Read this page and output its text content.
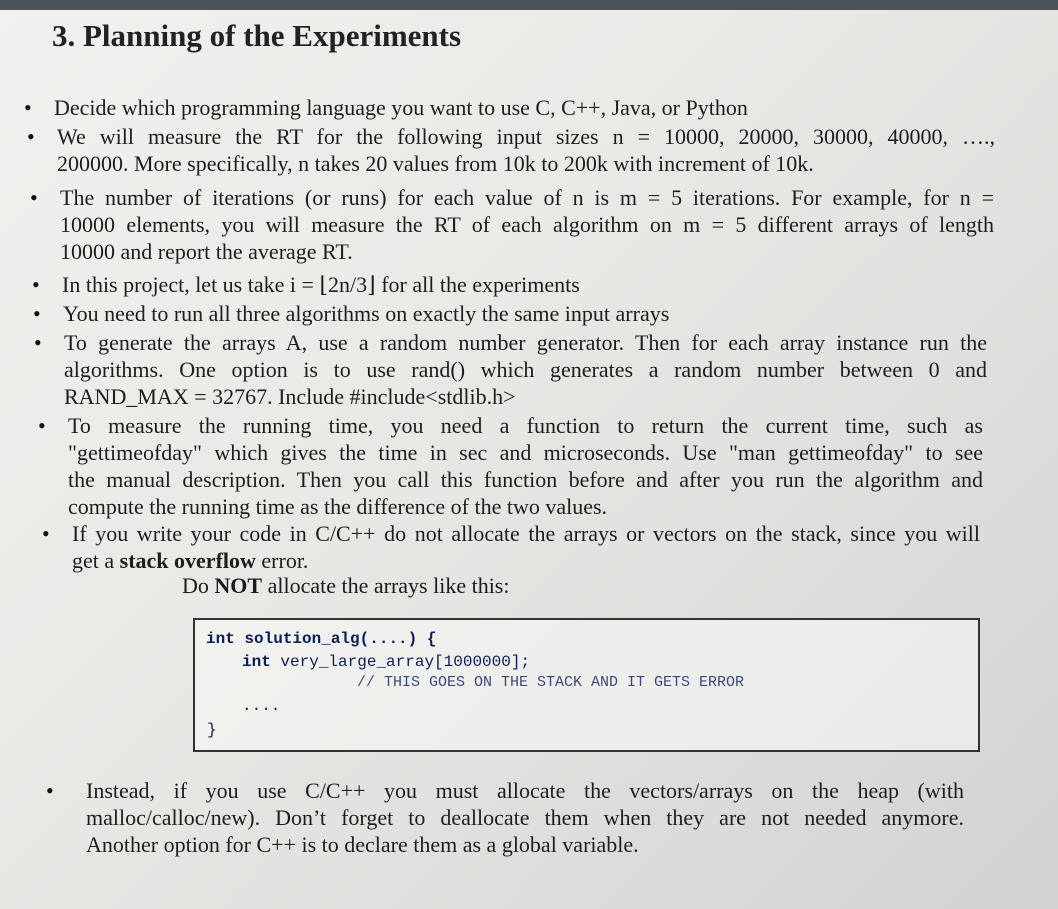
3. Planning of the Experiments
• Decide which programming language you want to use C, C++, Java, or Python
• We will measure the RT for the following input sizes n = 10000, 20000, 30000, 40000, ….,
200000. More specifically, n takes 20 values from 10k to 200k with increment of 10k.
• The number of iterations (or runs) for each value of n is m = 5 iterations. For example, for n =
10000 elements, you will measure the RT of each algorithm on m = 5 different arrays of length
10000 and report the average RT.
• In this project, let us take i = ⌊2n/3⌋ for all the experiments
• You need to run all three algorithms on exactly the same input arrays
• To generate the arrays A, use a random number generator. Then for each array instance run the
algorithms. One option is to use rand() which generates a random number between 0 and
RAND_MAX = 32767. Include #include<stdlib.h>
• To measure the running time, you need a function to return the current time, such as
"gettimeofday" which gives the time in sec and microseconds. Use "man gettimeofday" to see
the manual description. Then you call this function before and after you run the algorithm and
compute the running time as the difference of the two values.
• If you write your code in C/C++ do not allocate the arrays or vectors on the stack, since you will
get a stack overflow error.
Do NOT allocate the arrays like this:
int solution_alg(....) {
int very_large_array[1000000];
// THIS GOES ON THE STACK AND IT GETS ERROR
....
}
• Instead, if you use C/C++ you must allocate the vectors/arrays on the heap (with
malloc/calloc/new). Don’t forget to deallocate them when they are not needed anymore.
Another option for C++ is to declare them as a global variable.
